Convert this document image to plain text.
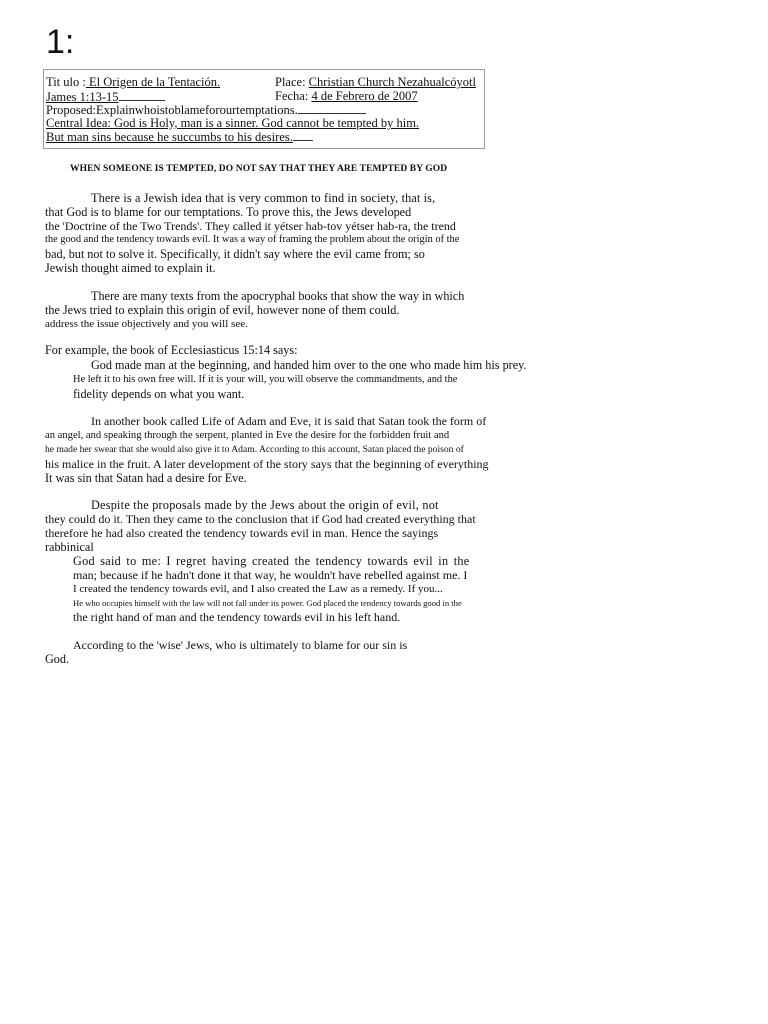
1:
Tit ulo : El Origen de la Tentación.	Place: Christian Church Nezahualcóyotl
James 1:13-15	Fecha: 4 de Febrero de 2007
Proposed:Explainwhoistoblameforourtemptations.
Central Idea: God is Holy, man is a sinner. God cannot be tempted by him.
But man sins because he succumbs to his desires.
WHEN SOMEONE IS TEMPTED, DO NOT SAY THAT THEY ARE TEMPTED BY GOD
There is a Jewish idea that is very common to find in society, that is,
that God is to blame for our temptations. To prove this, the Jews developed
the 'Doctrine of the Two Trends'. They called it yétser hab-tov yétser hab-ra, the trend
the good and the tendency towards evil. It was a way of framing the problem about the origin of the
bad, but not to solve it. Specifically, it didn't say where the evil came from; so
Jewish thought aimed to explain it.
There are many texts from the apocryphal books that show the way in which
the Jews tried to explain this origin of evil, however none of them could.
address the issue objectively and you will see.
For example, the book of Ecclesiasticus 15:14 says:
God made man at the beginning, and handed him over to the one who made him his prey.
He left it to his own free will. If it is your will, you will observe the commandments, and the
fidelity depends on what you want.
In another book called Life of Adam and Eve, it is said that Satan took the form of
an angel, and speaking through the serpent, planted in Eve the desire for the forbidden fruit and
he made her swear that she would also give it to Adam. According to this account, Satan placed the poison of
his malice in the fruit. A later development of the story says that the beginning of everything
It was sin that Satan had a desire for Eve.
Despite the proposals made by the Jews about the origin of evil, not
they could do it. Then they came to the conclusion that if God had created everything that
therefore he had also created the tendency towards evil in man. Hence the sayings
rabbinical
God said to me: I regret having created the tendency towards evil in the
man; because if he hadn't done it that way, he wouldn't have rebelled against me. I
I created the tendency towards evil, and I also created the Law as a remedy. If you...
He who occupies himself with the law will not fall under its power. God placed the tendency towards good in the
the right hand of man and the tendency towards evil in his left hand.
According to the 'wise' Jews, who is ultimately to blame for our sin is
God.
